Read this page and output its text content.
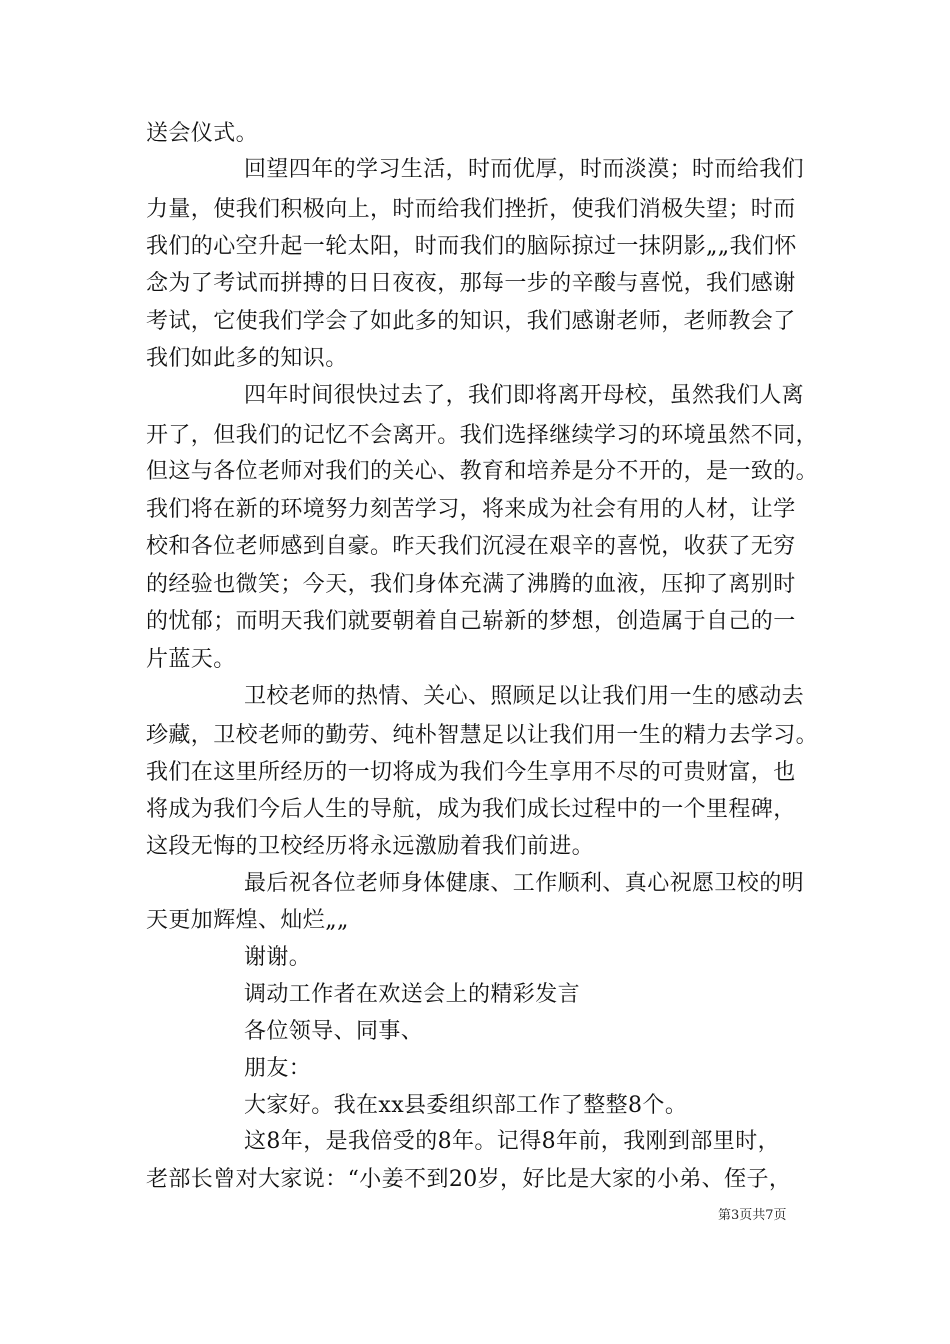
送会仪式。
回望四年的学习生活，时而优厚，时而淡漠；时而给我们
力量，使我们积极向上，时而给我们挫折，使我们消极失望；时而
我们的心空升起一轮太阳，时而我们的脑际掠过一抹阴影„„我们怀
念为了考试而拼搏的日日夜夜，那每一步的辛酸与喜悦，我们感谢
考试，它使我们学会了如此多的知识，我们感谢老师，老师教会了
我们如此多的知识。
四年时间很快过去了，我们即将离开母校，虽然我们人离
开了，但我们的记忆不会离开。我们选择继续学习的环境虽然不同，
但这与各位老师对我们的关心、教育和培养是分不开的，是一致的。
我们将在新的环境努力刻苦学习，将来成为社会有用的人材，让学
校和各位老师感到自豪。昨天我们沉浸在艰辛的喜悦，收获了无穷
的经验也微笑；今天，我们身体充满了沸腾的血液，压抑了离别时
的忧郁；而明天我们就要朝着自己崭新的梦想，创造属于自己的一
片蓝天。
卫校老师的热情、关心、照顾足以让我们用一生的感动去
珍藏，卫校老师的勤劳、纯朴智慧足以让我们用一生的精力去学习。
我们在这里所经历的一切将成为我们今生享用不尽的可贵财富，也
将成为我们今后人生的导航，成为我们成长过程中的一个里程碑，
这段无悔的卫校经历将永远激励着我们前进。
最后祝各位老师身体健康、工作顺利、真心祝愿卫校的明
天更加辉煌、灿烂„„
谢谢。
调动工作者在欢送会上的精彩发言
各位领导、同事、
朋友：
大家好。我在xx县委组织部工作了整整8个。
这8年，是我倍受的8年。记得8年前，我刚到部里时，
老部长曾对大家说：“小姜不到20岁，好比是大家的小弟、侄子，
第3页共7页
